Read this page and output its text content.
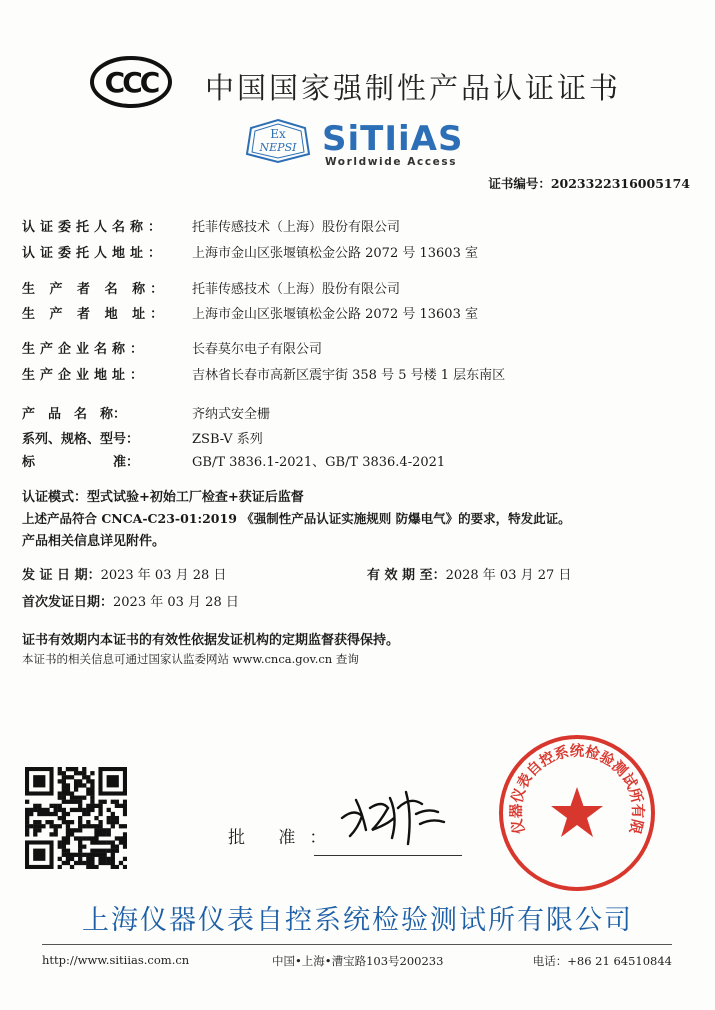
CCC 中国国家强制性产品认证证书
Ex
NEPSI SiTIiAS
Worldwide Access
证书编号：2023322316005174
认证委托人名称： 托菲传感技术（上海）股份有限公司
认证委托人地址： 上海市金山区张堰镇松金公路 2072 号 13603 室
生 产 者 名 称： 托菲传感技术（上海）股份有限公司
生 产 者 地 址： 上海市金山区张堰镇松金公路 2072 号 13603 室
生产企业名称：	长春莫尔电子有限公司
生产企业地址：	吉林省长春市高新区震宇街 358 号 5 号楼 1 层东南区
产　品　名　称：	齐纳式安全栅
系列、规格、型号：	ZSB-V 系列
标　　　　　　准：	GB/T 3836.1-2021、GB/T 3836.4-2021
认证模式：型式试验+初始工厂检查+获证后监督
上述产品符合 CNCA-C23-01:2019 《强制性产品认证实施规则 防爆电气》的要求，特发此证。
产品相关信息详见附件。
发 证 日 期：2023 年 03 月 28 日	有 效 期 至：2028 年 03 月 27 日
首次发证日期：2023 年 03 月 28 日
证书有效期内本证书的有效性依据发证机构的定期监督获得保持。
本证书的相关信息可通过国家认监委网站 www.cnca.gov.cn 查询
批 准：
仪器仪表自控系统检验测试所有限
上海仪器仪表自控系统检验测试所有限公司
http://www.sitiias.com.cn	中国•上海•漕宝路103号200233	电话：+86 21 64510844
